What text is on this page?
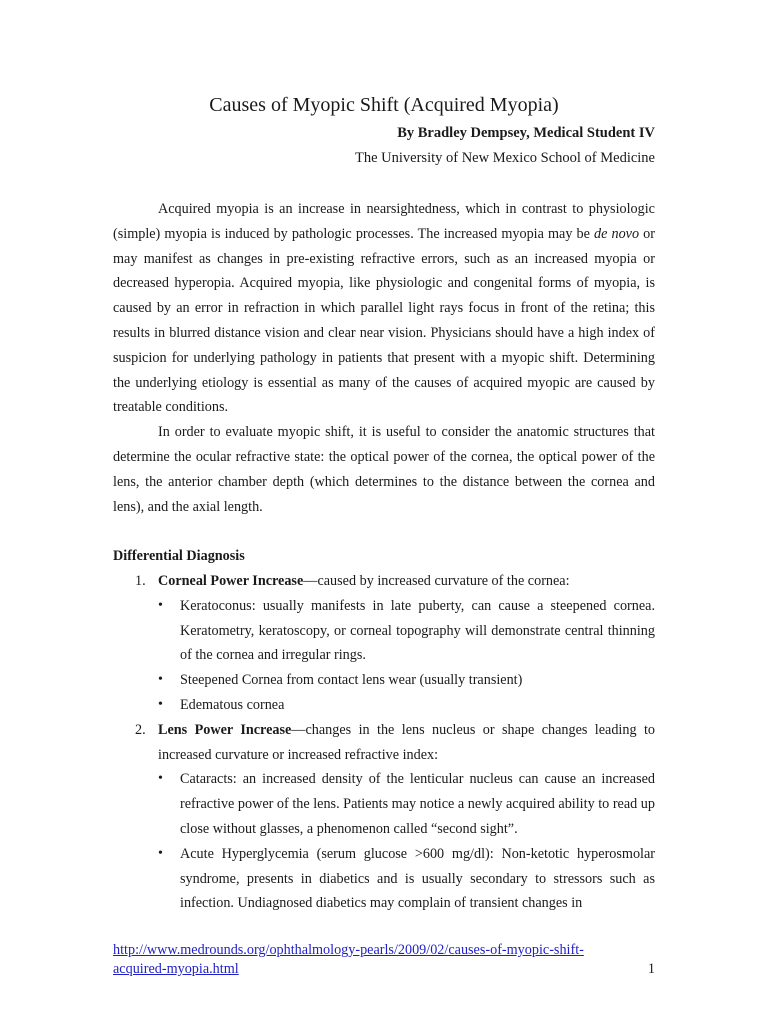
Causes of Myopic Shift (Acquired Myopia)

By Bradley Dempsey, Medical Student IV

The University of New Mexico School of Medicine

Acquired myopia is an increase in nearsightedness, which in contrast to physiologic (simple) myopia is induced by pathologic processes. The increased myopia may be de novo or may manifest as changes in pre-existing refractive errors, such as an increased myopia or decreased hyperopia. Acquired myopia, like physiologic and congenital forms of myopia, is caused by an error in refraction in which parallel light rays focus in front of the retina; this results in blurred distance vision and clear near vision. Physicians should have a high index of suspicion for underlying pathology in patients that present with a myopic shift. Determining the underlying etiology is essential as many of the causes of acquired myopic are caused by treatable conditions.

In order to evaluate myopic shift, it is useful to consider the anatomic structures that determine the ocular refractive state: the optical power of the cornea, the optical power of the lens, the anterior chamber depth (which determines to the distance between the cornea and lens), and the axial length.

Differential Diagnosis
1. Corneal Power Increase—caused by increased curvature of the cornea:
• Keratoconus: usually manifests in late puberty, can cause a steepened cornea. Keratometry, keratoscopy, or corneal topography will demonstrate central thinning of the cornea and irregular rings.
• Steepened Cornea from contact lens wear (usually transient)
• Edematous cornea
2. Lens Power Increase—changes in the lens nucleus or shape changes leading to increased curvature or increased refractive index:
• Cataracts: an increased density of the lenticular nucleus can cause an increased refractive power of the lens. Patients may notice a newly acquired ability to read up close without glasses, a phenomenon called “second sight”.
• Acute Hyperglycemia (serum glucose >600 mg/dl): Non-ketotic hyperosmolar syndrome, presents in diabetics and is usually secondary to stressors such as infection. Undiagnosed diabetics may complain of transient changes in
http://www.medrounds.org/ophthalmology-pearls/2009/02/causes-of-myopic-shift-
acquired-myopia.html	1
